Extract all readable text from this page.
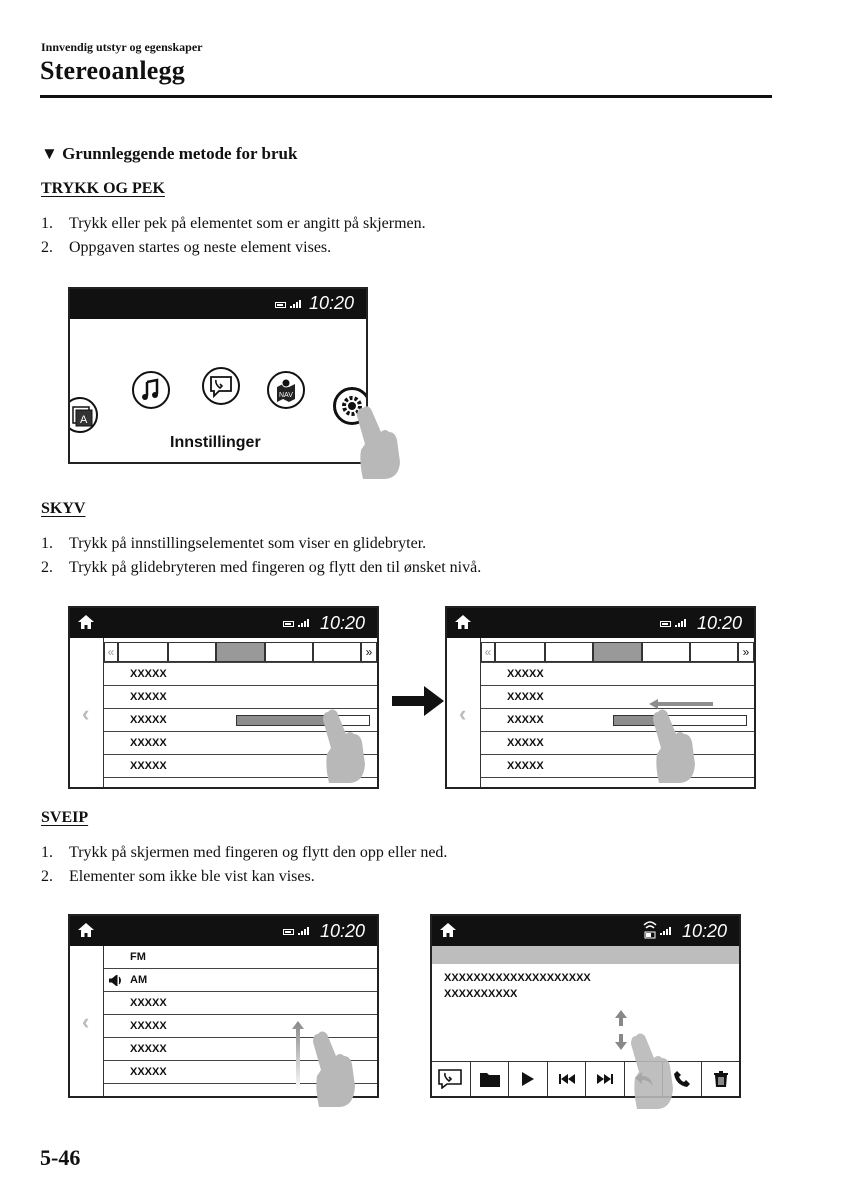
Innvendig utstyr og egenskaper
Stereoanlegg
▼ Grunnleggende metode for bruk
TRYKK OG PEK
1. Trykk eller pek på elementet som er angitt på skjermen.
2. Oppgaven startes og neste element vises.
10:20
A
NAV
Innstillinger
SKYV
1. Trykk på innstillingselementet som viser en glidebryter.
2. Trykk på glidebryteren med fingeren og flytt den til ønsket nivå.
10:20
‹
«	»
XXXXX
XXXXX
XXXXX
XXXXX
XXXXX
10:20
‹
«	»
XXXXX
XXXXX
XXXXX
XXXXX
XXXXX
SVEIP
1. Trykk på skjermen med fingeren og flytt den opp eller ned.
2. Elementer som ikke ble vist kan vises.
10:20
‹
FM
AM
XXXXX
XXXXX
XXXXX
XXXXX
10:20
XXXXXXXXXXXXXXXXXXXX
XXXXXXXXXX
5-46
